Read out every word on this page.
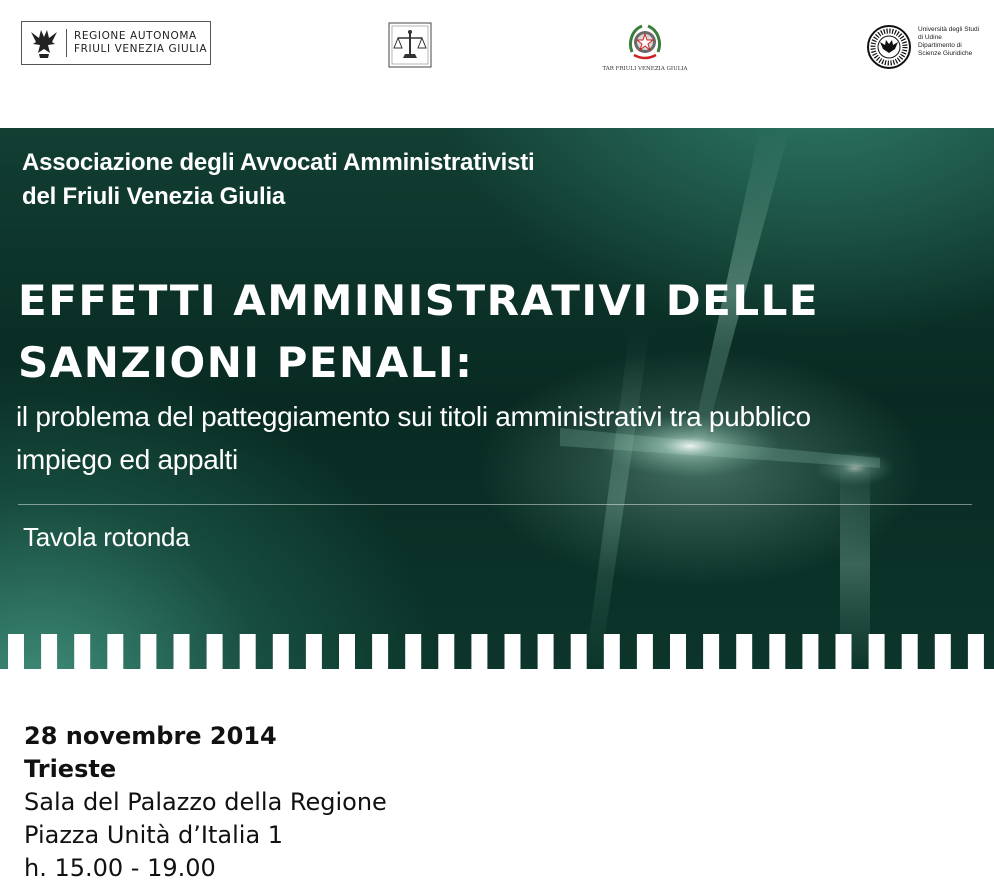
REGIONE AUTONOMA
FRIULI VENEZIA GIULIA
TAR FRIULI VENEZIA GIULIA
Università degli Studi
di Udine
Dipartimento di
Scienze Giuridiche
Associazione degli Avvocati Amministrativisti
del Friuli Venezia Giulia
EFFETTI AMMINISTRATIVI DELLE
SANZIONI PENALI:
il problema del patteggiamento sui titoli amministrativi tra pubblico
impiego ed appalti
Tavola rotonda
28 novembre 2014
Trieste
Sala del Palazzo della Regione
Piazza Unità d’Italia 1
h. 15.00 - 19.00
